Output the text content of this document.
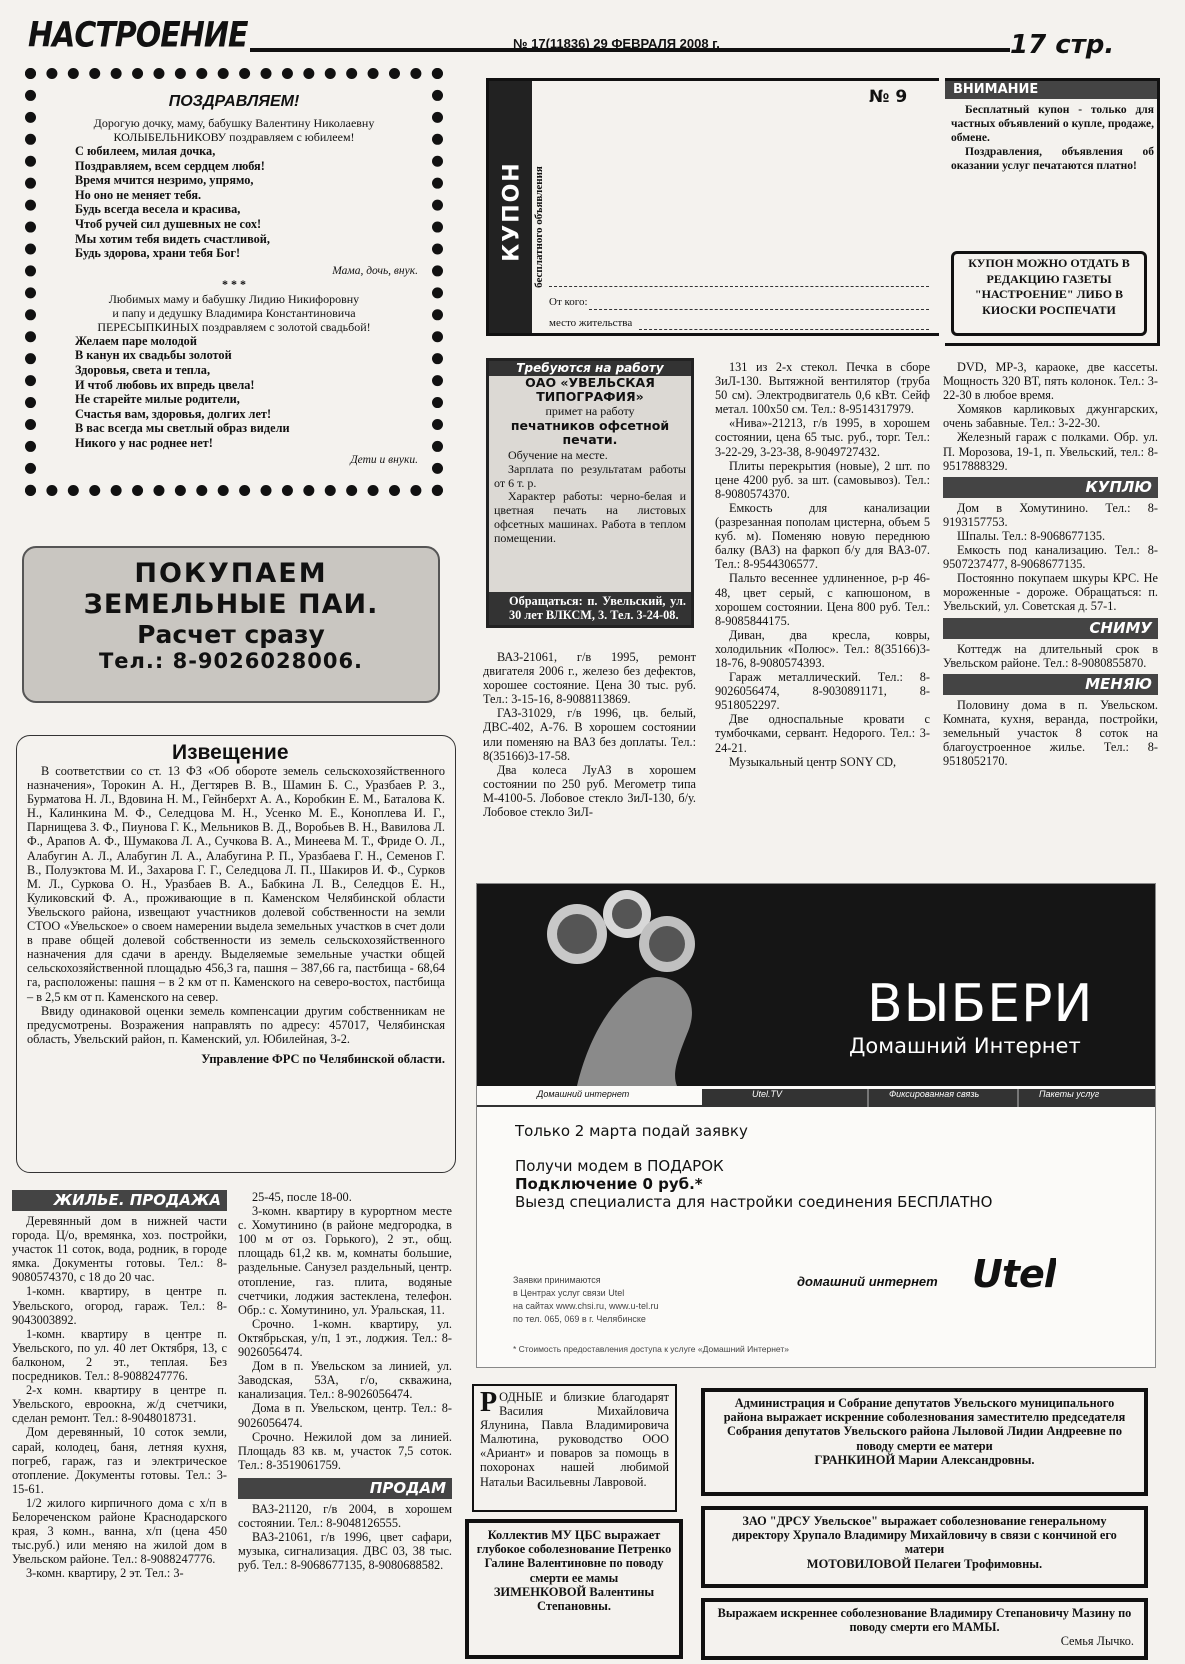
НАСТРОЕНИЕ	№ 17(11836) 29 ФЕВРАЛЯ 2008 г.	17 стр.
ПОЗДРАВЛЯЕМ!
Дорогую дочку, маму, бабушку Валентину Николаевну
КОЛЫБЕЛЬНИКОВУ поздравляем с юбилеем!
С юбилеем, милая дочка,
Поздравляем, всем сердцем любя!
Время мчится незримо, упрямо,
Но оно не меняет тебя.
Будь всегда весела и красива,
Чтоб ручей сил душевных не сох!
Мы хотим тебя видеть счастливой,
Будь здорова, храни тебя Бог!
Мама, дочь, внук.
* * *
Любимых маму и бабушку Лидию Никифоровну
и папу и дедушку Владимира Константиновича
ПЕРЕСЫПКИНЫХ поздравляем с золотой свадьбой!
Желаем паре молодой
В канун их свадьбы золотой
Здоровья, света и тепла,
И чтоб любовь их впредь цвела!
Не старейте милые родители,
Счастья вам, здоровья, долгих лет!
В вас всегда мы светлый образ видели
Никого у нас роднее нет!
Дети и внуки.
ПОКУПАЕМ
ЗЕМЕЛЬНЫЕ ПАИ.
Расчет сразу
Тел.: 8-9026028006.
Извещение

В соответствии со ст. 13 ФЗ «Об обороте земель сельскохозяйственного назначения», Торокин А. Н., Дегтярев В. В., Шамин Б. С., Уразбаев Р. З., Бурматова Н. Л., Вдовина Н. М., Гейнберхт А. А., Коробкин Е. М., Баталова К. Н., Калинкина М. Ф., Селедцова М. Н., Усенко М. Е., Коноплева И. Г., Парнищева З. Ф., Пиунова Г. К., Мельников В. Д., Воробьев В. Н., Вавилова Л. Ф., Арапов А. Ф., Шумакова Л. А., Сучкова В. А., Минеева М. Т., Фриде О. Л., Алабугин А. Л., Алабугин Л. А., Алабугина Р. П., Уразбаева Г. Н., Семенов Г. В., Полуэктова М. И., Захарова Г. Г., Селедцова Л. П., Шакиров И. Ф., Сурков М. Л., Суркова О. Н., Уразбаев В. А., Бабкина Л. В., Селедцов Е. Н., Куликовский Ф. А., проживающие в п. Каменском Челябинской области Увельского района, извещают участников долевой собственности на земли СТОО «Увельское» о своем намерении выдела земельных участков в счет доли в праве общей долевой собственности из земель сельскохозяйственного назначения для сдачи в аренду. Выделяемые земельные участки общей сельскохозяйственной площадью 456,3 га, пашня – 387,66 га, пастбища - 68,64 га, расположены: пашня – в 2 км от п. Каменского на северо-востох, пастбища – в 2,5 км от п. Каменского на север.

Ввиду одинаковой оценки земель компенсации другим собственникам не предусмотрены. Возражения направлять по адресу: 457017, Челябинская область, Увельский район, п. Каменский, ул. Юбилейная, 3-2.

Управление ФРС по Челябинской области.
КУПОН бесплатного объявления
№ 9
От кого:
место жительства
ВНИМАНИЕ

Бесплатный купон - только для частных объявлений о купле, продаже, обмене.

Поздравления, объявления об оказании услуг печатаются платно!

КУПОН МОЖНО ОТДАТЬ В РЕДАКЦИЮ ГАЗЕТЫ "НАСТРОЕНИЕ" ЛИБО В КИОСКИ РОСПЕЧАТИ
Требуются на работу
ОАО «УВЕЛЬСКАЯ ТИПОГРАФИЯ»
примет на работу
печатников офсетной печати.

Обучение на месте.

Зарплата по результатам работы от 6 т. р.

Характер работы: черно-белая и цветная печать на листовых офсетных машинах. Работа в теплом помещении.

Обращаться: п. Увельский, ул. 30 лет ВЛКСМ, 3. Тел. 3-24-08.

ВАЗ-21061, г/в 1995, ремонт двигателя 2006 г., железо без дефектов, хорошее состояние. Цена 30 тыс. руб. Тел.: 3-15-16, 8-9088113869.

ГАЗ-31029, г/в 1996, цв. белый, ДВС-402, А-76. В хорошем состоянии или поменяю на ВАЗ без доплаты. Тел.: 8(35166)3-17-58.

Два колеса ЛуАЗ в хорошем состоянии по 250 руб. Мегометр типа М-4100-5. Лобовое стекло ЗиЛ-130, б/у. Лобовое стекло ЗиЛ-

131 из 2-х стекол. Печка в сборе ЗиЛ-130. Вытяжной вентилятор (труба 50 см). Электродвигатель 0,6 кВт. Сейф метал. 100х50 см. Тел.: 8-9514317979.

«Нива»-21213, г/в 1995, в хорошем состоянии, цена 65 тыс. руб., торг. Тел.: 3-22-29, 3-23-38, 8-9049727432.

Плиты перекрытия (новые), 2 шт. по цене 4200 руб. за шт. (самовывоз). Тел.: 8-9080574370.

Емкость для канализации (разрезанная пополам цистерна, объем 5 куб. м). Поменяю новую переднюю балку (ВАЗ) на фаркоп б/у для ВАЗ-07. Тел.: 8-9544306577.

Пальто весеннее удлиненное, р-р 46-48, цвет серый, с капюшоном, в хорошем состоянии. Цена 800 руб. Тел.: 8-9085844175.

Диван, два кресла, ковры, холодильник «Полюс». Тел.: 8(35166)3-18-76, 8-9080574393.

Гараж металлический. Тел.: 8-9026056474, 8-9030891171, 8-9518052297.

Две односпальные кровати с тумбочками, сервант. Недорого. Тел.: 3-24-21.

Музыкальный центр SONY CD,

DVD, MP-3, караоке, две кассеты. Мощность 320 ВТ, пять колонок. Тел.: 3-22-30 в любое время.

Хомяков карликовых джунгарских, очень забавные. Тел.: 3-22-30.

Железный гараж с полками. Обр. ул. П. Морозова, 19-1, п. Увельский, тел.: 8-9517888329.

КУПЛЮ

Дом в Хомутинино. Тел.: 8-9193157753.

Шпалы. Тел.: 8-9068677135.

Емкость под канализацию. Тел.: 8-9507237477, 8-9068677135.

Постоянно покупаем шкуры КРС. Не мороженные - дороже. Обращаться: п. Увельский, ул. Советская д. 57-1.

СНИМУ

Коттедж на длительный срок в Увельском районе. Тел.: 8-9080855870.

МЕНЯЮ

Половину дома в п. Увельском. Комната, кухня, веранда, постройки, земельный участок 8 соток на благоустроенное жилье. Тел.: 8-9518052170.

ВЫБЕРИ
Домашний Интернет
Домашний интернет	Utel.TV	Фиксированная связь	Пакеты услуг
Только 2 марта подай заявку
Получи модем в ПОДАРОК
Подключение 0 руб.*
Выезд специалиста для настройки соединения БЕСПЛАТНО
Заявки принимаются
в Центрах услуг связи Utel
на сайтах www.chsi.ru, www.u-tel.ru
по тел. 065, 069 в г. Челябинске
домашний интернет Utel
* Стоимость предоставления доступа к услуге «Домашний Интернет»
ЖИЛЬЕ. ПРОДАЖА

Деревянный дом в нижней части города. Ц/о, времянка, хоз. постройки, участок 11 соток, вода, родник, в городе ямка. Документы готовы. Тел.: 8-9080574370, с 18 до 20 час.

1-комн. квартиру, в центре п. Увельского, огород, гараж. Тел.: 8-9043003892.

1-комн. квартиру в центре п. Увельского, по ул. 40 лет Октября, 13, с балконом, 2 эт., теплая. Без посредников. Тел.: 8-9088247776.

2-х комн. квартиру в центре п. Увельского, евроокна, ж/д счетчики, сделан ремонт. Тел.: 8-9048018731.

Дом деревянный, 10 соток земли, сарай, колодец, баня, летняя кухня, погреб, гараж, газ и электрическое отопление. Документы готовы. Тел.: 3-15-61.

1/2 жилого кирпичного дома с х/п в Белореченском районе Краснодарского края, 3 комн., ванна, х/п (цена 450 тыс.руб.) или меняю на жилой дом в Увельском районе. Тел.: 8-9088247776.

3-комн. квартиру, 2 эт. Тел.: 3-

25-45, после 18-00.

3-комн. квартиру в курортном месте с. Хомутинино (в районе медгородка, в 100 м от оз. Горького), 2 эт., общ. площадь 61,2 кв. м, комнаты большие, раздельные. Санузел раздельный, центр. отопление, газ. плита, водяные счетчики, лоджия застеклена, телефон. Обр.: с. Хомутинино, ул. Уральская, 11.

Срочно. 1-комн. квартиру, ул. Октябрьская, у/п, 1 эт., лоджия. Тел.: 8-9026056474.

Дом в п. Увельском за линией, ул. Заводская, 53А, г/о, скважина, канализация. Тел.: 8-9026056474.

Дома в п. Увельском, центр. Тел.: 8-9026056474.

Срочно. Нежилой дом за линией. Площадь 83 кв. м, участок 7,5 соток. Тел.: 8-3519061759.

ПРОДАМ

ВАЗ-21120, г/в 2004, в хорошем состоянии. Тел.: 8-9048126555.

ВАЗ-21061, г/в 1996, цвет сафари, музыка, сигнализация. ДВС 03, 38 тыс. руб. Тел.: 8-9068677135, 8-9080688582.

РОДНЫЕ и близкие благодарят Василия Михайловича Ялунина, Павла Владимировича Малютина, руководство ООО «Ариант» и поваров за помощь в похоронах нашей любимой Натальи Васильевны Лавровой.
Коллектив МУ ЦБС выражает глубокое соболезнование Петренко Галине Валентиновне по поводу смерти ее мамы
ЗИМЕНКОВОЙ Валентины Степановны.
Администрация и Собрание депутатов Увельского муниципального района выражает искренние соболезнования заместителю председателя Собрания депутатов Увельского района Лыловой Лидии Андреевне по поводу смерти ее матери
ГРАНКИНОЙ Марии Александровны.
ЗАО "ДРСУ Увельское" выражает соболезнование генеральному директору Хрупало Владимиру Михайловичу в связи с кончиной его матери
МОТОВИЛОВОЙ Пелагеи Трофимовны.
Выражаем искреннее соболезнование Владимиру Степановичу Мазину по поводу смерти его МАМЫ.
Семья Лычко.
